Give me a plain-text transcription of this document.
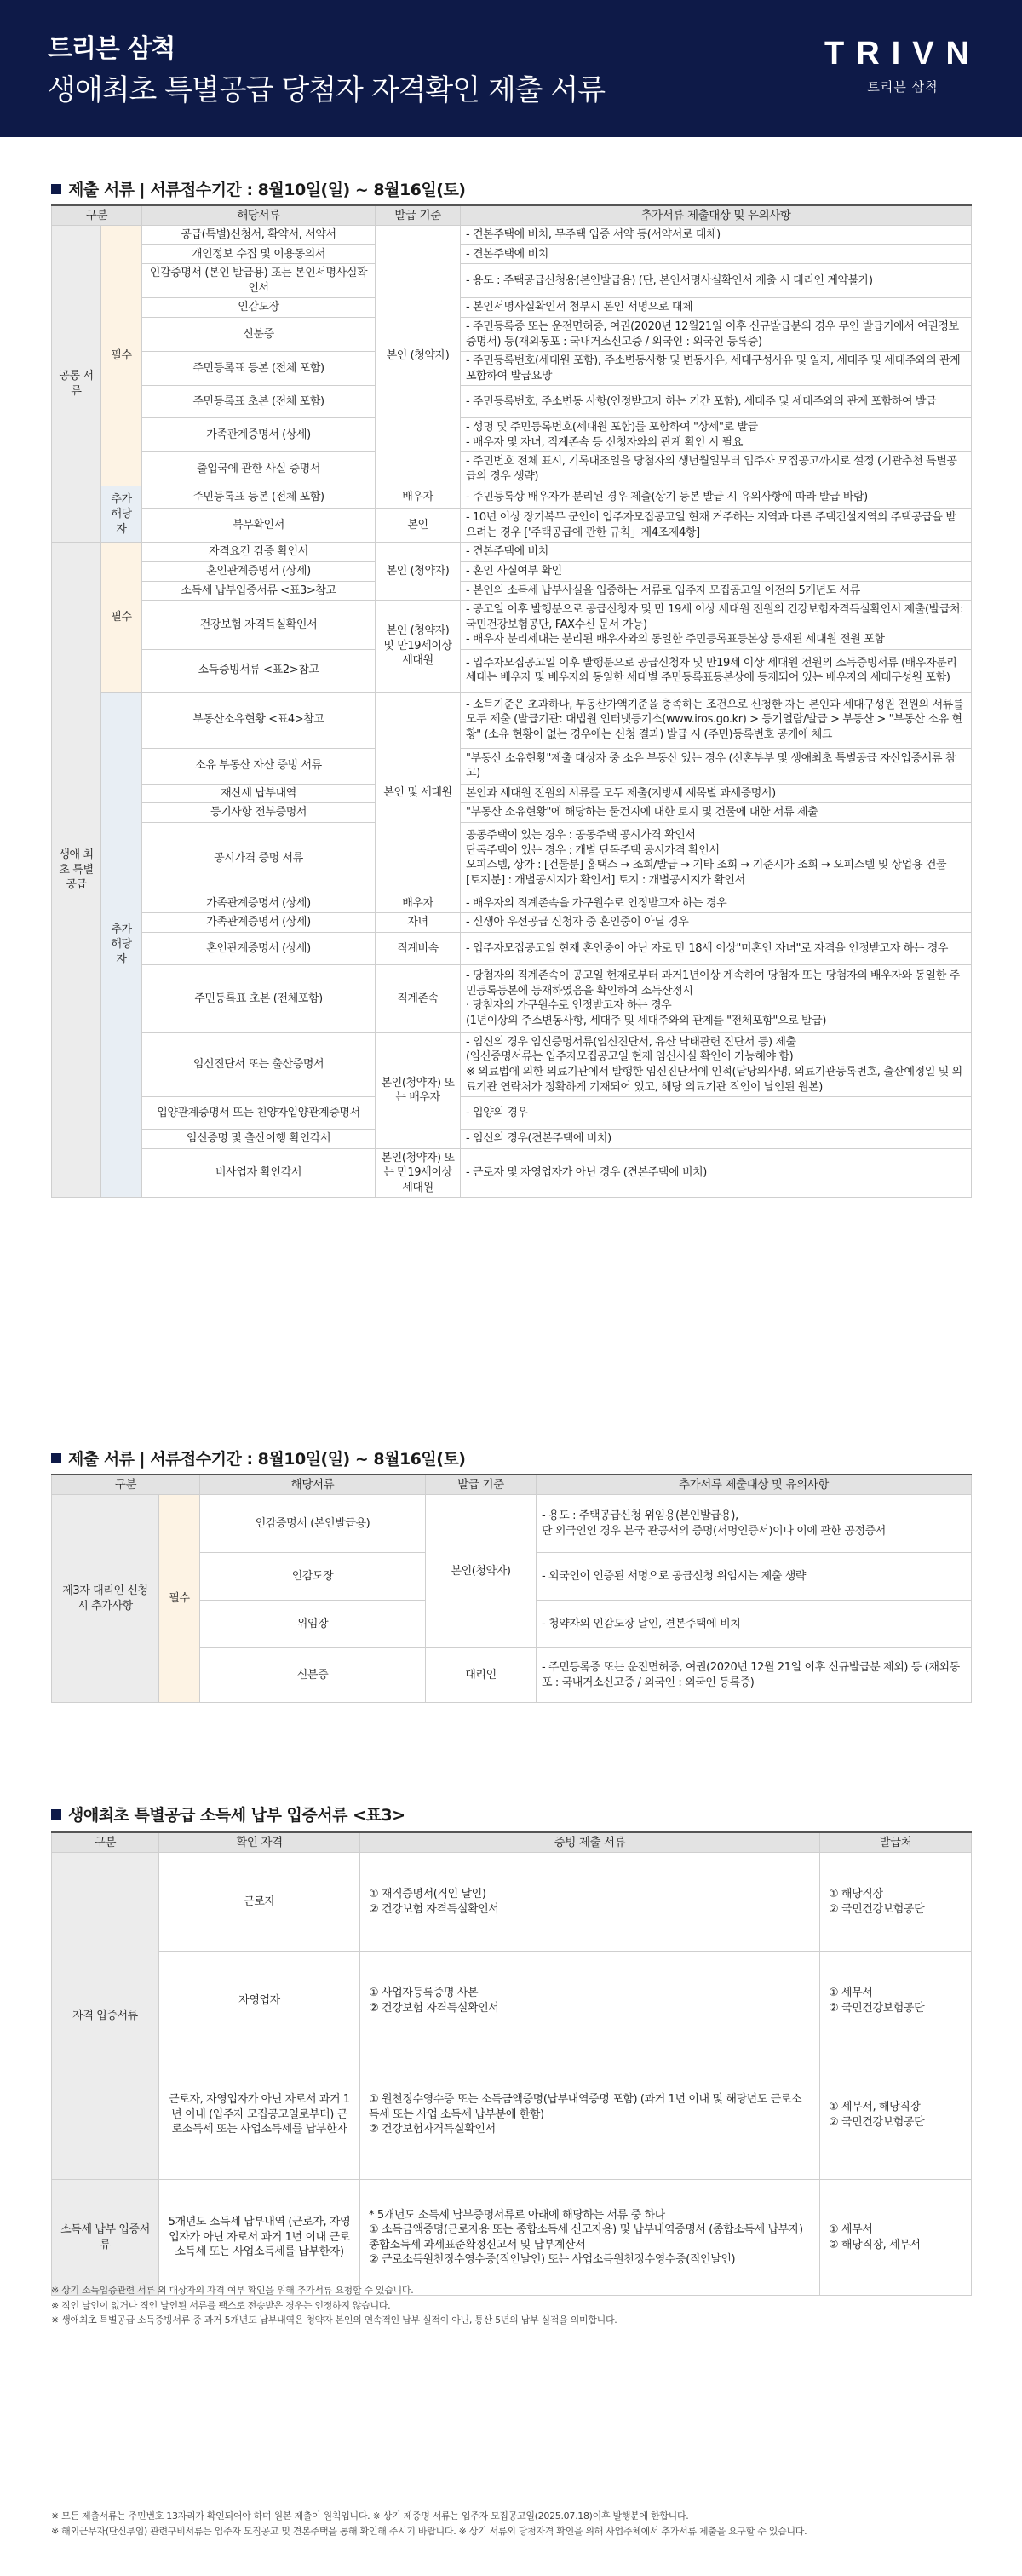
트리븐 삼척
생애최초 특별공급 당첨자 자격확인 제출 서류
TRIVN
트리븐 삼척
제출 서류 | 서류접수기간 : 8월10일(일) ~ 8월16일(토)
구분		해당서류	발급 기준	추가서류 제출대상 및 유의사항
공통 서류	필수	공급(특별)신청서, 확약서, 서약서	본인 (청약자)	- 견본주택에 비치, 무주택 입증 서약 등(서약서로 대체)
		개인정보 수집 및 이용동의서		- 견본주택에 비치
		인감증명서 (본인 발급용) 또는 본인서명사실확인서		- 용도 : 주택공급신청용(본인발급용) (단, 본인서명사실확인서 제출 시 대리인 계약불가)
		인감도장		- 본인서명사실확인서 첨부시 본인 서명으로 대체
		신분증		- 주민등록증 또는 운전면허증, 여권(2020년 12월21일 이후 신규발급분의 경우 무인 발급기에서 여권정보증명서) 등(재외동포 : 국내거소신고증 / 외국인 : 외국인 등록증)
		주민등록표 등본 (전체 포함)		- 주민등록번호(세대원 포함), 주소변동사항 및 변동사유, 세대구성사유 및 일자, 세대주 및 세대주와의 관계 포함하여 발급요망
		주민등록표 초본 (전체 포함)		- 주민등록번호, 주소변동 사항(인정받고자 하는 기간 포함), 세대주 및 세대주와의 관계 포함하여 발급
		가족관계증명서 (상세)		- 성명 및 주민등록번호(세대원 포함)를 포함하여 "상세"로 발급
- 배우자 및 자녀, 직계존속 등 신청자와의 관계 확인 시 필요
		출입국에 관한 사실 증명서		- 주민번호 전체 표시, 기록대조일을 당첨자의 생년월일부터 입주자 모집공고까지로 설정 (기관추천 특별공급의 경우 생략)
	추가 해당자	주민등록표 등본 (전체 포함)	배우자	- 주민등록상 배우자가 분리된 경우 제출(상기 등본 발급 시 유의사항에 따라 발급 바람)
		복무확인서	본인	- 10년 이상 장기복무 군인이 입주자모집공고일 현재 거주하는 지역과 다른 주택건설지역의 주택공급을 받으려는 경우 ['주택공급에 관한 규칙」제4조제4항]
생애 최초 특별 공급	필수	자격요건 검증 확인서	본인 (청약자)	- 견본주택에 비치
		혼인관계증명서 (상세)		- 혼인 사실여부 확인
		소득세 납부입증서류 <표3>참고		- 본인의 소득세 납부사실을 입증하는 서류로 입주자 모집공고일 이전의 5개년도 서류
		건강보험 자격득실확인서	본인 (청약자) 및 만19세이상 세대원	- 공고일 이후 발행분으로 공급신청자 및 만 19세 이상 세대원 전원의 건강보험자격득실확인서 제출(발급처:국민건강보험공단, FAX수신 문서 가능)
- 배우자 분리세대는 분리된 배우자와의 동일한 주민등록표등본상 등재된 세대원 전원 포함
		소득증빙서류 <표2>참고		- 입주자모집공고일 이후 발행분으로 공급신청자 및 만19세 이상 세대원 전원의 소득증빙서류 (배우자분리세대는 배우자 및 배우자와 동일한 세대별 주민등록표등본상에 등재되어 있는 배우자의 세대구성원 포함)
	추가 해당자	부동산소유현황 <표4>참고	본인 및 세대원	- 소득기준은 초과하나, 부동산가액기준을 충족하는 조건으로 신청한 자는 본인과 세대구성원 전원의 서류를 모두 제출 (발급기관: 대법원 인터넷등기소(www.iros.go.kr) > 등기열람/발급 > 부동산 > "부동산 소유 현황" (소유 현황이 없는 경우에는 신청 결과) 발급 시 (주민)등록번호 공개에 체크
		소유 부동산 자산 증빙 서류		"부동산 소유현황"제출 대상자 중 소유 부동산 있는 경우 (신혼부부 및 생애최초 특별공급 자산입증서류 참고)
		재산세 납부내역		본인과 세대원 전원의 서류를 모두 제출(지방세 세목별 과세증명서)
		등기사항 전부증명서		"부동산 소유현황"에 해당하는 물건지에 대한 토지 및 건물에 대한 서류 제출
		공시가격 증명 서류		공동주택이 있는 경우 : 공동주택 공시가격 확인서
단독주택이 있는 경우 : 개별 단독주택 공시가격 확인서
오피스텔, 상가 : [건물분] 홈택스 → 조회/발급 → 기타 조회 → 기준시가 조회 → 오피스텔 및 상업용 건물
[토지분] : 개별공시지가 확인서] 토지 : 개별공시지가 확인서
		가족관계증명서 (상세)	배우자	- 배우자의 직계존속을 가구원수로 인정받고자 하는 경우
		가족관계증명서 (상세)	자녀	- 신생아 우선공급 신청자 중 혼인중이 아닐 경우
		혼인관계증명서 (상세)	직계비속	- 입주자모집공고일 현재 혼인중이 아닌 자로 만 18세 이상"미혼인 자녀"로 자격을 인정받고자 하는 경우
		주민등록표 초본 (전체포함)	직계존속	- 당첨자의 직계존속이 공고일 현재로부터 과거1년이상 계속하여 당첨자 또는 당첨자의 배우자와 동일한 주민등록등본에 등재하였음을 확인하여 소득산정시
· 당첨자의 가구원수로 인정받고자 하는 경우
(1년이상의 주소변동사항, 세대주 및 세대주와의 관계를 "전체포함"으로 발급)
		임신진단서 또는 출산증명서	본인(청약자) 또는 배우자	- 임신의 경우 임신증명서류(임신진단서, 유산 낙태관련 진단서 등) 제출
(임신증명서류는 입주자모집공고일 현재 임신사실 확인이 가능해야 함)
※ 의료법에 의한 의료기관에서 발행한 임신진단서에 인적(담당의사명, 의료기관등록번호, 출산예정일 및 의료기관 연락처가 정확하게 기재되어 있고, 해당 의료기관 직인이 날인된 원본)
		입양관계증명서 또는 친양자입양관계증명서		- 입양의 경우
		임신증명 및 출산이행 확인각서		- 임신의 경우(견본주택에 비치)
		비사업자 확인각서	본인(청약자) 또는 만19세이상세대원	- 근로자 및 자영업자가 아닌 경우 (견본주택에 비치)
제출 서류 | 서류접수기간 : 8월10일(일) ~ 8월16일(토)
구분		해당서류	발급 기준	추가서류 제출대상 및 유의사항
제3자 대리인 신청 시 추가사항	필수	인감증명서 (본인발급용)	본인(청약자)	- 용도 : 주택공급신청 위임용(본인발급용),
단 외국인인 경우 본국 관공서의 증명(서명인증서)이나 이에 관한 공정증서
		인감도장		- 외국인이 인증된 서명으로 공급신청 위임시는 제출 생략
		위임장		- 청약자의 인감도장 날인, 견본주택에 비치
		신분증	대리인	- 주민등록증 또는 운전면허증, 여권(2020년 12월 21일 이후 신규발급분 제외) 등 (재외동포 : 국내거소신고증 / 외국인 : 외국인 등록증)
생애최초 특별공급 소득세 납부 입증서류 <표3>
구분	확인 자격	증빙 제출 서류	발급처
자격 입증서류	근로자	① 재직증명서(직인 날인)
② 건강보험 자격득실확인서	① 해당직장
② 국민건강보험공단
	자영업자	① 사업자등록증명 사본
② 건강보험 자격득실확인서	① 세무서
② 국민건강보험공단
	근로자, 자영업자가 아닌 자로서 과거 1년 이내 (입주자 모집공고일로부터) 근로소득세 또는 사업소득세를 납부한자	① 원천징수영수증 또는 소득금액증명(납부내역증명 포함) (과거 1년 이내 및 해당년도 근로소득세 또는 사업 소득세 납부분에 한함)
② 건강보험자격득실확인서	① 세무서, 해당직장
② 국민건강보험공단
소득세 납부 입증서류	5개년도 소득세 납부내역 (근로자, 자영업자가 아닌 자로서 과거 1년 이내 근로소득세 또는 사업소득세를 납부한자)	* 5개년도 소득세 납부증명서류로 아래에 해당하는 서류 중 하나
① 소득금액증명(근로자용 또는 종합소득세 신고자용) 및 납부내역증명서 (종합소득세 납부자) 종합소득세 과세표준확정신고서 및 납부계산서
② 근로소득원천징수영수증(직인날인) 또는 사업소득원천징수영수증(직인날인)	① 세무서
② 해당직장, 세무서
※ 상기 소득입증관련 서류 외 대상자의 자격 여부 확인을 위해 추가서류 요청할 수 있습니다.
※ 직인 날인이 없거나 직인 날인된 서류를 팩스로 전송받은 경우는 인정하지 않습니다.
※ 생애최초 특별공급 소득증빙서류 중 과거 5개년도 납부내역은 청약자 본인의 연속적인 납부 실적이 아닌, 통산 5년의 납부 실적을 의미합니다.
※ 모든 제출서류는 주민번호 13자리가 확인되어야 하며 원본 제출이 원칙입니다. ※ 상기 제증명 서류는 입주자 모집공고일(2025.07.18)이후 발행분에 한합니다.
※ 해외근무자(단신부임) 관련구비서류는 입주자 모집공고 및 견본주택을 통해 확인해 주시기 바랍니다. ※ 상기 서류외 당첨자격 확인을 위해 사업주체에서 추가서류 제출을 요구할 수 있습니다.
